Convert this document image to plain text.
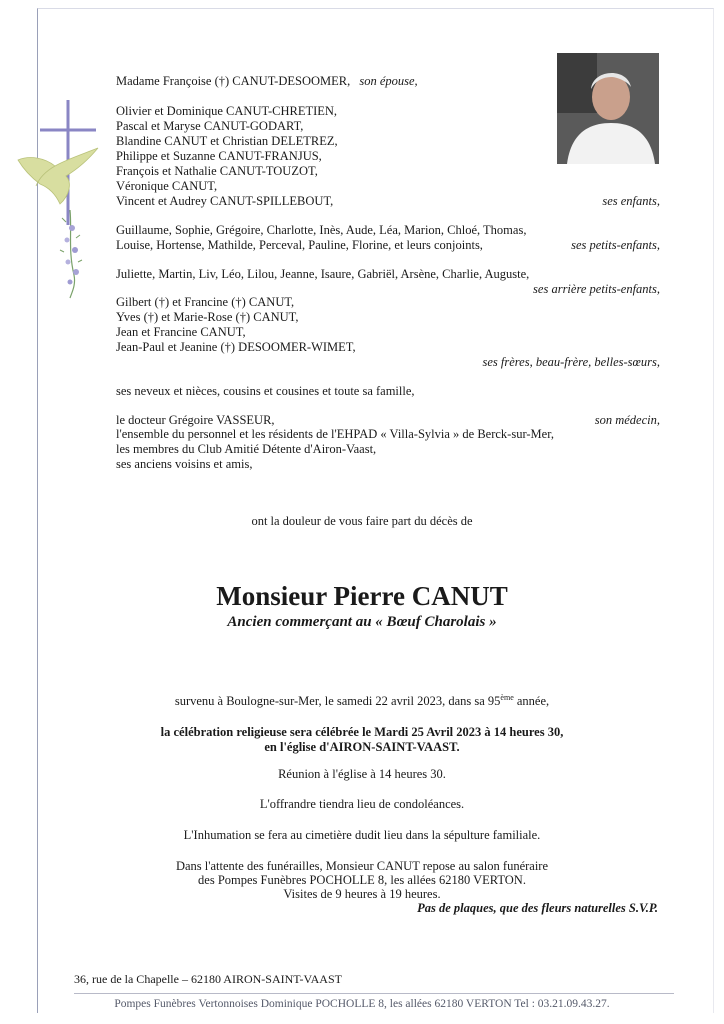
Madame Françoise (†) CANUT-DESOOMER, son épouse,
Olivier et Dominique CANUT-CHRETIEN,
Pascal et Maryse CANUT-GODART,
Blandine CANUT et Christian DELETREZ,
Philippe et Suzanne CANUT-FRANJUS,
François et Nathalie CANUT-TOUZOT,
Véronique CANUT,
Vincent et Audrey CANUT-SPILLEBOUT,	ses enfants,
Guillaume, Sophie, Grégoire, Charlotte, Inès, Aude, Léa, Marion, Chloé, Thomas,
Louise, Hortense, Mathilde, Perceval, Pauline, Florine, et leurs conjoints,	ses petits-enfants,
Juliette, Martin, Liv, Léo, Lilou, Jeanne, Isaure, Gabriël, Arsène, Charlie, Auguste,
ses arrière petits-enfants,
Gilbert (†) et Francine (†) CANUT,
Yves (†) et Marie-Rose (†) CANUT,
Jean et Francine CANUT,
Jean-Paul et Jeanine (†) DESOOMER-WIMET,
ses frères, beau-frère, belles-sœurs,
ses neveux et nièces, cousins et cousines et toute sa famille,
le docteur Grégoire VASSEUR,	son médecin,
l'ensemble du personnel et les résidents de l'EHPAD « Villa-Sylvia » de Berck-sur-Mer,
les membres du Club Amitié Détente d'Airon-Vaast,
ses anciens voisins et amis,
ont la douleur de vous faire part du décès de
Monsieur Pierre CANUT
Ancien commerçant au « Bœuf Charolais »
survenu à Boulogne-sur-Mer, le samedi 22 avril 2023, dans sa 95ème année,
la célébration religieuse sera célébrée le Mardi 25 Avril 2023 à 14 heures 30,
en l'église d'AIRON-SAINT-VAAST.
Réunion à l'église à 14 heures 30.
L'offrandre tiendra lieu de condoléances.
L'Inhumation se fera au cimetière dudit lieu dans la sépulture familiale.
Dans l'attente des funérailles, Monsieur CANUT repose au salon funéraire
des Pompes Funèbres POCHOLLE 8, les allées 62180 VERTON.
Visites de 9 heures à 19 heures.
Pas de plaques, que des fleurs naturelles S.V.P.
36, rue de la Chapelle – 62180 AIRON-SAINT-VAAST
Pompes Funèbres Vertonnoises Dominique POCHOLLE 8, les allées 62180 VERTON Tel : 03.21.09.43.27.
